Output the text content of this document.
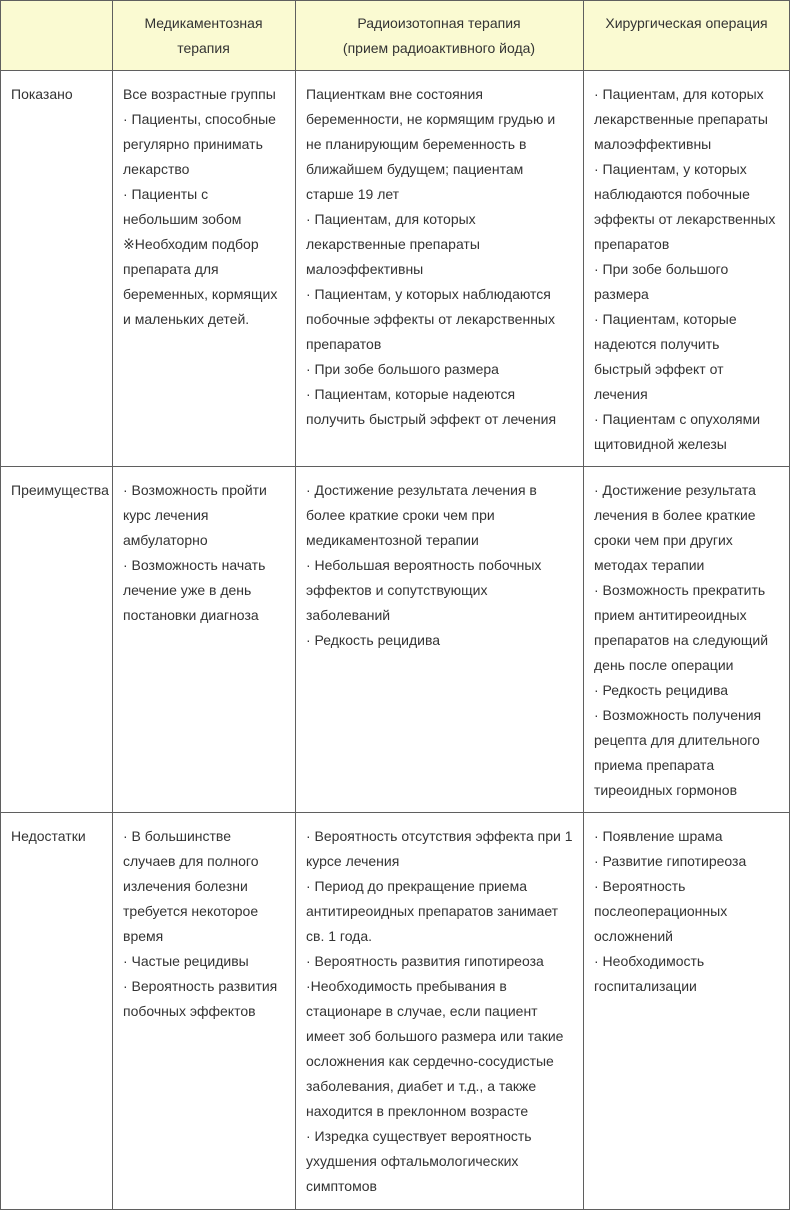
Медикаментозная
терапия
Радиоизотопная терапия
(прием радиоактивного йода)
Хирургическая операция
Показано	Все возрастные группы
· Пациенты, способные
регулярно принимать
лекарство
· Пациенты с
небольшим зобом
※Необходим подбор
препарата для
беременных, кормящих
и маленьких детей.
Пациенткам вне состояния
беременности, не кормящим грудью и
не планирующим беременность в
ближайшем будущем; пациентам
старше 19 лет
· Пациентам, для которых
лекарственные препараты
малоэффективны
· Пациентам, у которых наблюдаются
побочные эффекты от лекарственных
препаратов
· При зобе большого размера
· Пациентам, которые надеются
получить быстрый эффект от лечения
· Пациентам, для которых
лекарственные препараты
малоэффективны
· Пациентам, у которых
наблюдаются побочные
эффекты от лекарственных
препаратов
· При зобе большого
размера
· Пациентам, которые
надеются получить
быстрый эффект от
лечения
· Пациентам с опухолями
щитовидной железы
Преимущества · Возможность пройти
курс лечения
амбулаторно
· Возможность начать
лечение уже в день
постановки диагноза
· Достижение результата лечения в
более краткие сроки чем при
медикаментозной терапии
· Небольшая вероятность побочных
эффектов и сопутствующих
заболеваний
· Редкость рецидива
· Достижение результата
лечения в более краткие
сроки чем при других
методах терапии
· Возможность прекратить
прием антитиреоидных
препаратов на следующий
день после операции
· Редкость рецидива
· Возможность получения
рецепта для длительного
приема препарата
тиреоидных гормонов
Недостатки	· В большинстве
случаев для полного
излечения болезни
требуется некоторое
время
· Частые рецидивы
· Вероятность развития
побочных эффектов
· Вероятность отсутствия эффекта при 1
курсе лечения
· Период до прекращение приема
антитиреоидных препаратов занимает
св. 1 года.
· Вероятность развития гипотиреоза
·Необходимость пребывания в
стационаре в случае, если пациент
имеет зоб большого размера или такие
осложнения как сердечно-сосудистые
заболевания, диабет и т.д., а также
находится в преклонном возрасте
· Изредка существует вероятность
ухудшения офтальмологических
симптомов
· Появление шрама
· Развитие гипотиреоза
· Вероятность
послеоперационных
осложнений
· Необходимость
госпитализации
